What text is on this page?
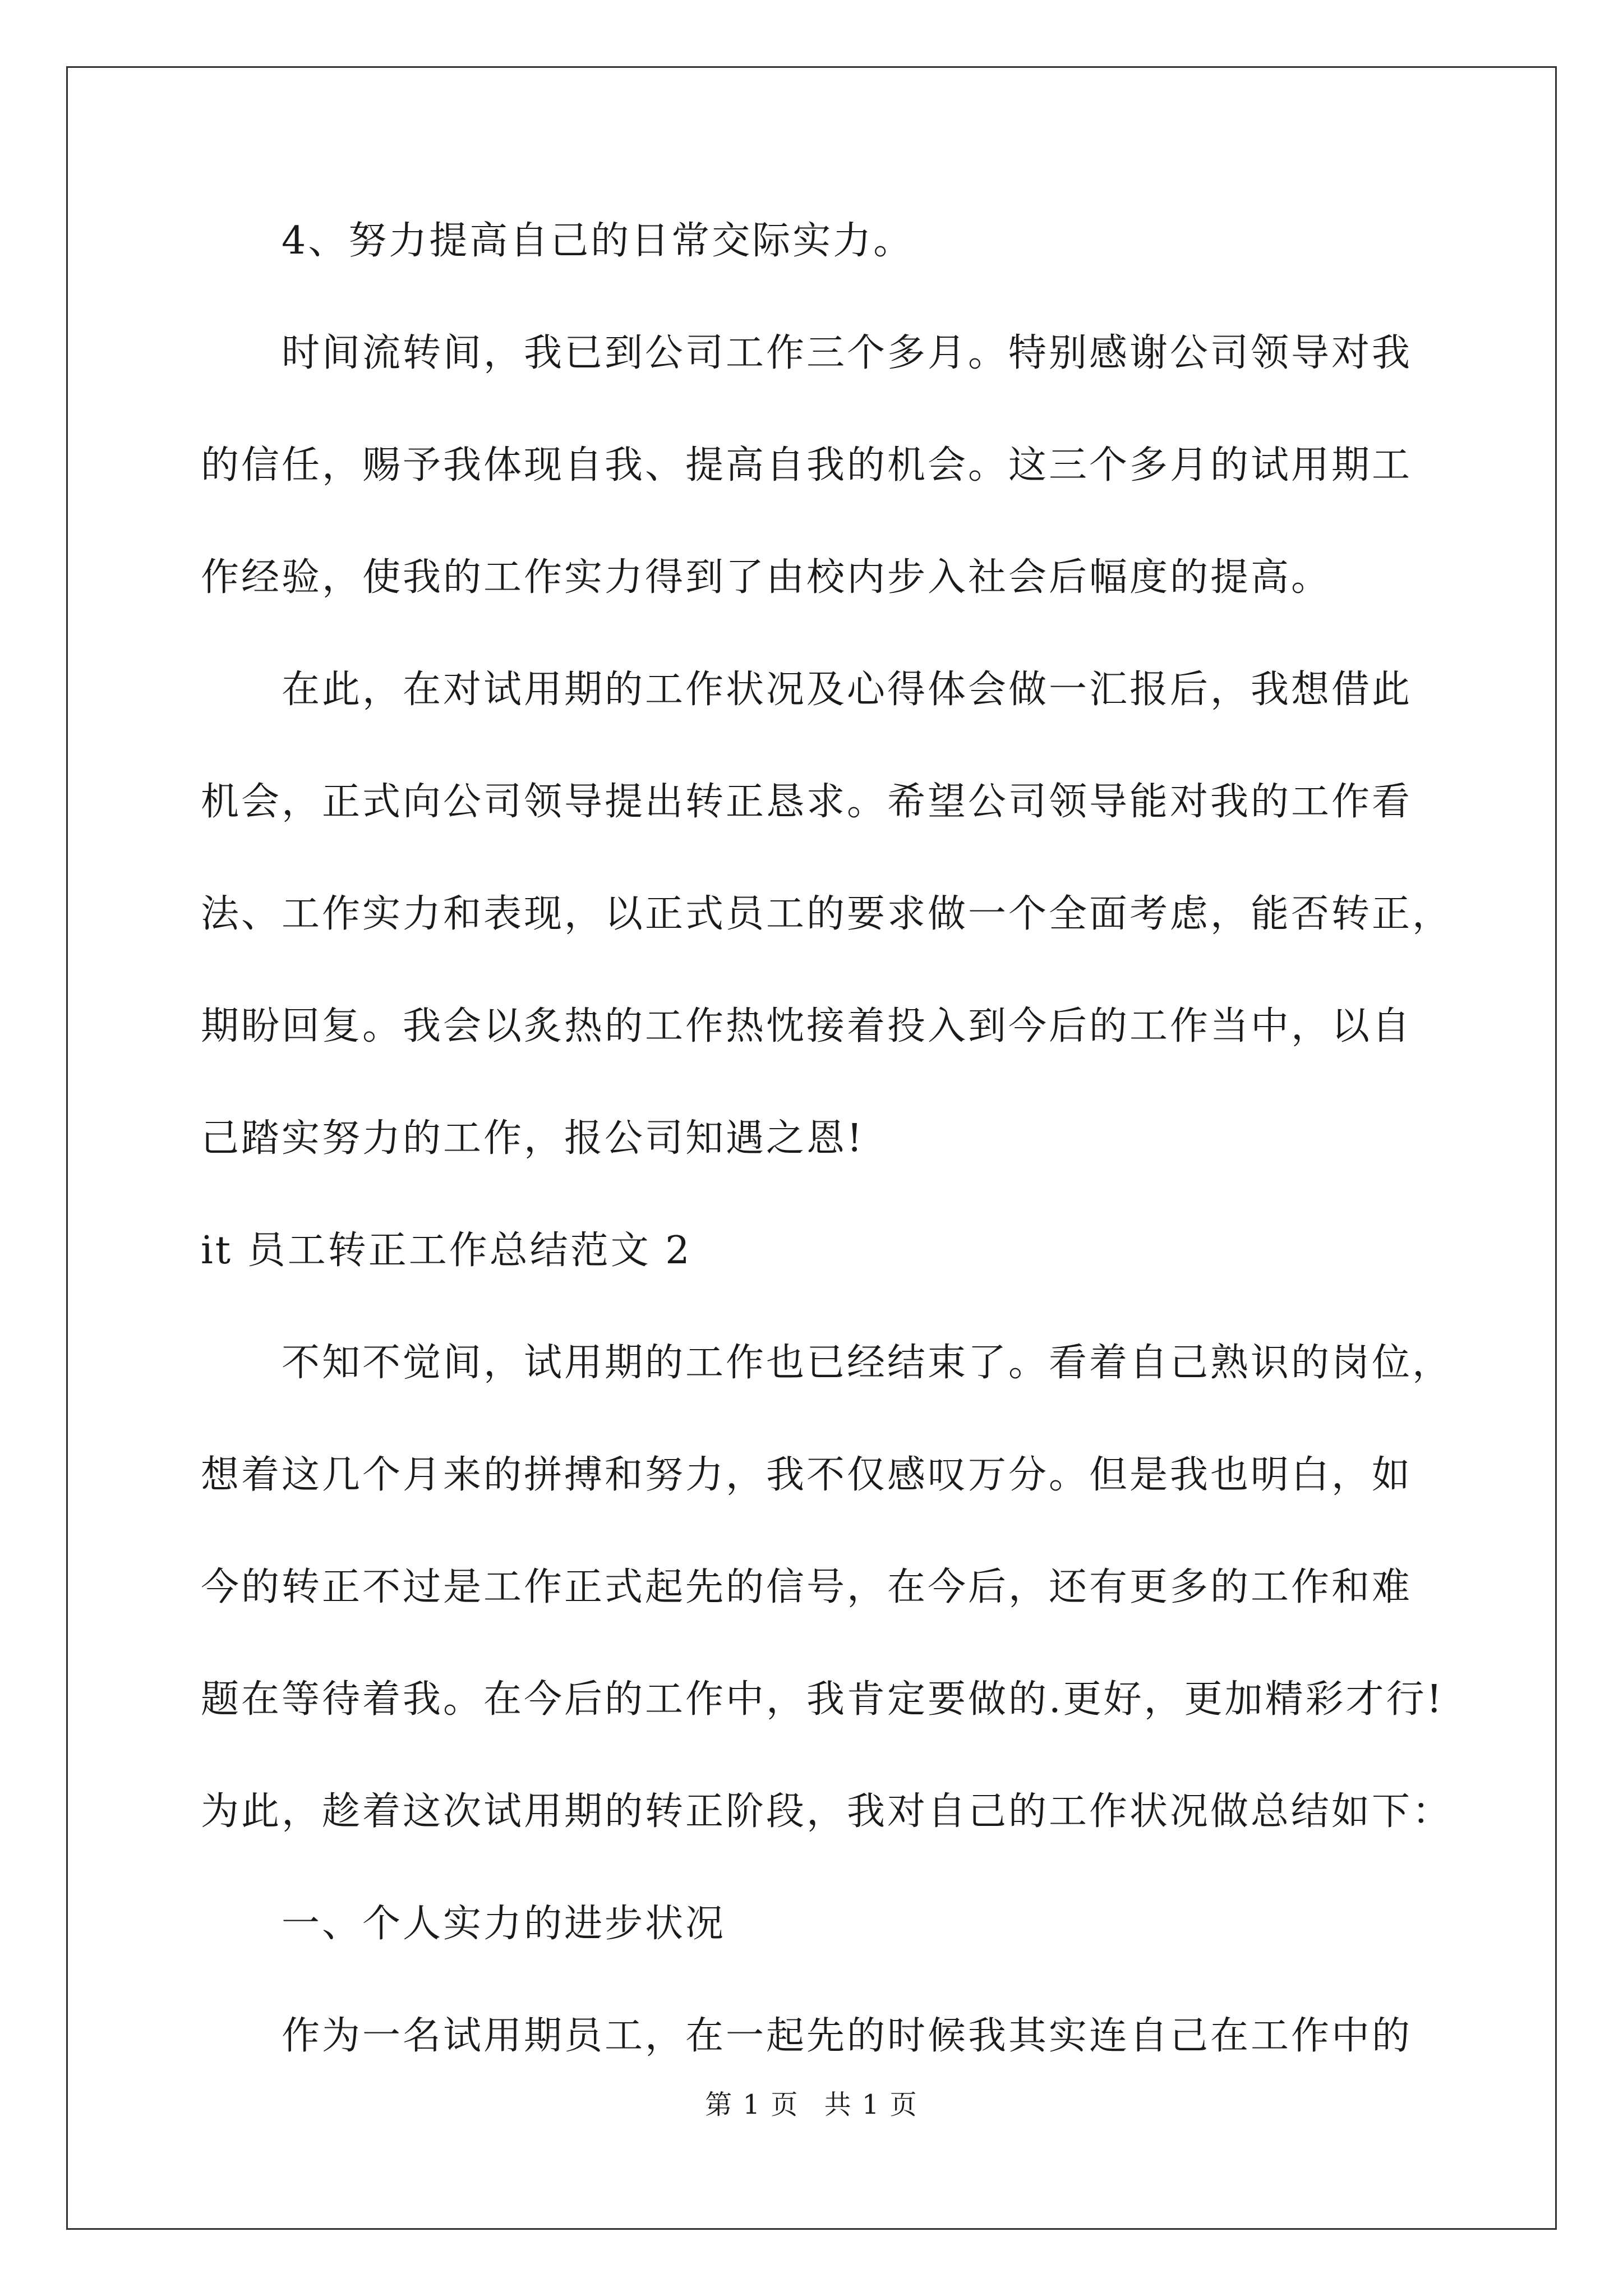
4、努力提高自己的日常交际实力。
时间流转间，我已到公司工作三个多月。特别感谢公司领导对我
的信任，赐予我体现自我、提高自我的机会。这三个多月的试用期工
作经验，使我的工作实力得到了由校内步入社会后幅度的提高。
在此，在对试用期的工作状况及心得体会做一汇报后，我想借此
机会，正式向公司领导提出转正恳求。希望公司领导能对我的工作看
法、工作实力和表现，以正式员工的要求做一个全面考虑，能否转正，
期盼回复。我会以炙热的工作热忱接着投入到今后的工作当中，以自
己踏实努力的工作，报公司知遇之恩!
it 员工转正工作总结范文 2
不知不觉间，试用期的工作也已经结束了。看着自己熟识的岗位，
想着这几个月来的拼搏和努力，我不仅感叹万分。但是我也明白，如
今的转正不过是工作正式起先的信号，在今后，还有更多的工作和难
题在等待着我。在今后的工作中，我肯定要做的.更好，更加精彩才行!
为此，趁着这次试用期的转正阶段，我对自己的工作状况做总结如下：
一、个人实力的进步状况
作为一名试用期员工，在一起先的时候我其实连自己在工作中的
第 1 页 共 1 页
